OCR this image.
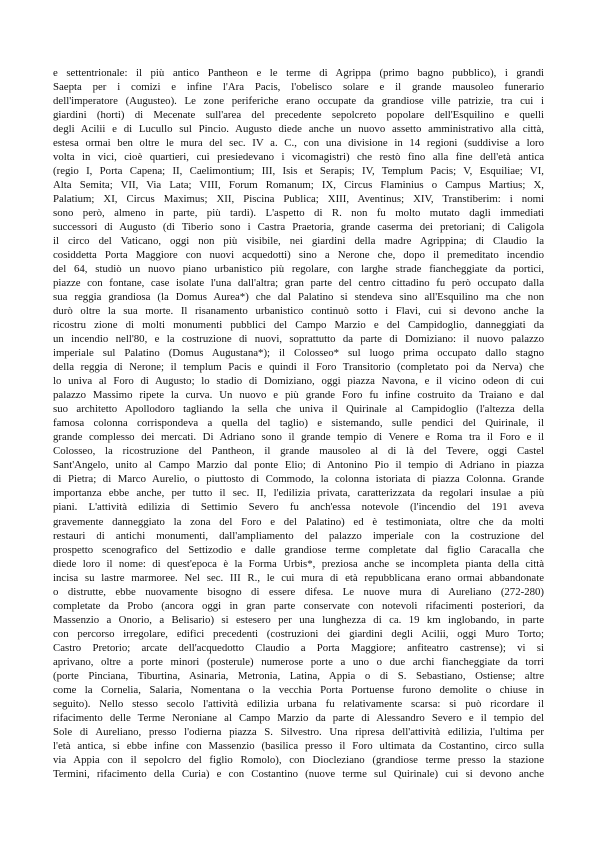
e settentrionale: il più antico Pantheon e le terme di Agrippa (primo bagno pubblico), i grandi
Saepta per i comizi e infine l'Ara Pacis, l'obelisco solare e il grande mausoleo funerario
dell'imperatore (Augusteo). Le zone periferiche erano occupate da grandiose ville patrizie, tra cui i
giardini (horti) di Mecenate sull'area del precedente sepolcreto popolare dell'Esquilino e quelli
degli Acilii e di Lucullo sul Pincio. Augusto diede anche un nuovo assetto amministrativo alla città,
estesa ormai ben oltre le mura del sec. IV a. C., con una divisione in 14 regioni (suddivise a loro
volta in vici, cioè quartieri, cui presiedevano i vicomagistri) che restò fino alla fine dell'età antica
(regio I, Porta Capena; II, Caelimontium; III, Isis et Serapis; IV, Templum Pacis; V, Esquiliae; VI,
Alta Semita; VII, Via Lata; VIII, Forum Romanum; IX, Circus Flaminius o Campus Martius; X,
Palatium; XI, Circus Maximus; XII, Piscina Publica; XIII, Aventinus; XIV, Transtiberim: i nomi
sono però, almeno in parte, più tardi). L'aspetto di R. non fu molto mutato dagli immediati
successori di Augusto (di Tiberio sono i Castra Praetoria, grande caserma dei pretoriani; di Caligola
il circo del Vaticano, oggi non più visibile, nei giardini della madre Agrippina; di Claudio la
cosiddetta Porta Maggiore con nuovi acquedotti) sino a Nerone che, dopo il premeditato incendio
del 64, studiò un nuovo piano urbanistico più regolare, con larghe strade fiancheggiate da portici,
piazze con fontane, case isolate l'una dall'altra; gran parte del centro cittadino fu però occupato dalla
sua reggia grandiosa (la Domus Aurea*) che dal Palatino si stendeva sino all'Esquilino ma che non
durò oltre la sua morte. Il risanamento urbanistico continuò sotto i Flavi, cui si devono anche la
ricostru zione di molti monumenti pubblici del Campo Marzio e del Campidoglio, danneggiati da
un incendio nell'80, e la costruzione di nuovi, soprattutto da parte di Domiziano: il nuovo palazzo
imperiale sul Palatino (Domus Augustana*); il Colosseo* sul luogo prima occupato dallo stagno
della reggia di Nerone; il templum Pacis e quindi il Foro Transitorio (completato poi da Nerva) che
lo univa al Foro di Augusto; lo stadio di Domiziano, oggi piazza Navona, e il vicino odeon di cui
palazzo Massimo ripete la curva. Un nuovo e più grande Foro fu infine costruito da Traiano e dal
suo architetto Apollodoro tagliando la sella che univa il Quirinale al Campidoglio (l'altezza della
famosa colonna corrispondeva a quella del taglio) e sistemando, sulle pendici del Quirinale, il
grande complesso dei mercati. Di Adriano sono il grande tempio di Venere e Roma tra il Foro e il
Colosseo, la ricostruzione del Pantheon, il grande mausoleo al di là del Tevere, oggi Castel
Sant'Angelo, unito al Campo Marzio dal ponte Elio; di Antonino Pio il tempio di Adriano in piazza
di Pietra; di Marco Aurelio, o piuttosto di Commodo, la colonna istoriata di piazza Colonna. Grande
importanza ebbe anche, per tutto il sec. II, l'edilizia privata, caratterizzata da regolari insulae a più
piani. L'attività edilizia di Settimio Severo fu anch'essa notevole (l'incendio del 191 aveva
gravemente danneggiato la zona del Foro e del Palatino) ed è testimoniata, oltre che da molti
restauri di antichi monumenti, dall'ampliamento del palazzo imperiale con la costruzione del
prospetto scenografico del Settizodio e dalle grandiose terme completate dal figlio Caracalla che
diede loro il nome: di quest'epoca è la Forma Urbis*, preziosa anche se incompleta pianta della città
incisa su lastre marmoree. Nel sec. III R., le cui mura di età repubblicana erano ormai abbandonate
o distrutte, ebbe nuovamente bisogno di essere difesa. Le nuove mura di Aureliano (272-280)
completate da Probo (ancora oggi in gran parte conservate con notevoli rifacimenti posteriori, da
Massenzio a Onorio, a Belisario) si estesero per una lunghezza di ca. 19 km inglobando, in parte
con percorso irregolare, edifici precedenti (costruzioni dei giardini degli Acilii, oggi Muro Torto;
Castro Pretorio; arcate dell'acquedotto Claudio a Porta Maggiore; anfiteatro castrense); vi si
aprivano, oltre a porte minori (posterule) numerose porte a uno o due archi fiancheggiate da torri
(porte Pinciana, Tiburtina, Asinaria, Metronia, Latina, Appia o di S. Sebastiano, Ostiense; altre
come la Cornelia, Salaria, Nomentana o la vecchia Porta Portuense furono demolite o chiuse in
seguito). Nello stesso secolo l'attività edilizia urbana fu relativamente scarsa: si può ricordare il
rifacimento delle Terme Neroniane al Campo Marzio da parte di Alessandro Severo e il tempio del
Sole di Aureliano, presso l'odierna piazza S. Silvestro. Una ripresa dell'attività edilizia, l'ultima per
l'età antica, si ebbe infine con Massenzio (basilica presso il Foro ultimata da Costantino, circo sulla
via Appia con il sepolcro del figlio Romolo), con Diocleziano (grandiose terme presso la stazione
Termini, rifacimento della Curia) e con Costantino (nuove terme sul Quirinale) cui si devono anche
